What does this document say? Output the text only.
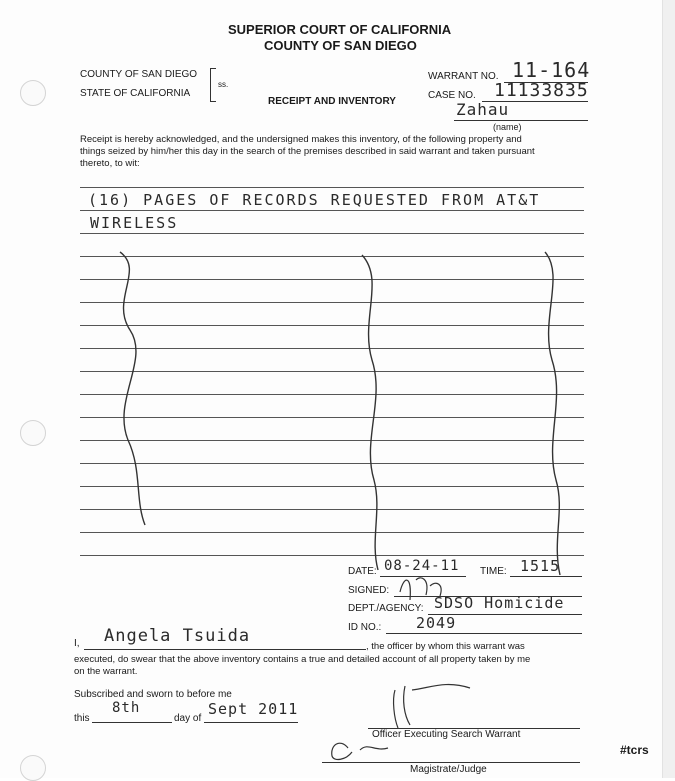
SUPERIOR COURT OF CALIFORNIA
COUNTY OF SAN DIEGO
COUNTY OF SAN DIEGO
STATE OF CALIFORNIA
ss.
RECEIPT AND INVENTORY
WARRANT NO. 11-164
CASE NO. 11133835
Zahau
(name)
Receipt is hereby acknowledged, and the undersigned makes this inventory, of the following property and
things seized by him/her this day in the search of the premises described in said warrant and taken pursuant
thereto, to wit:
(16) PAGES OF RECORDS REQUESTED FROM AT&T
WIRELESS
DATE: 08-24-11 TIME: 1515
SIGNED:
DEPT./AGENCY: SDSO Homicide
ID NO.: 2049
I, Angela Tsuida
, the officer by whom this warrant was
executed, do swear that the above inventory contains a true and detailed account of all property taken by me
on the warrant.
Subscribed and sworn to before me
this
8th
day of
Sept 2011
Officer Executing Search Warrant
Magistrate/Judge
#tcrs
